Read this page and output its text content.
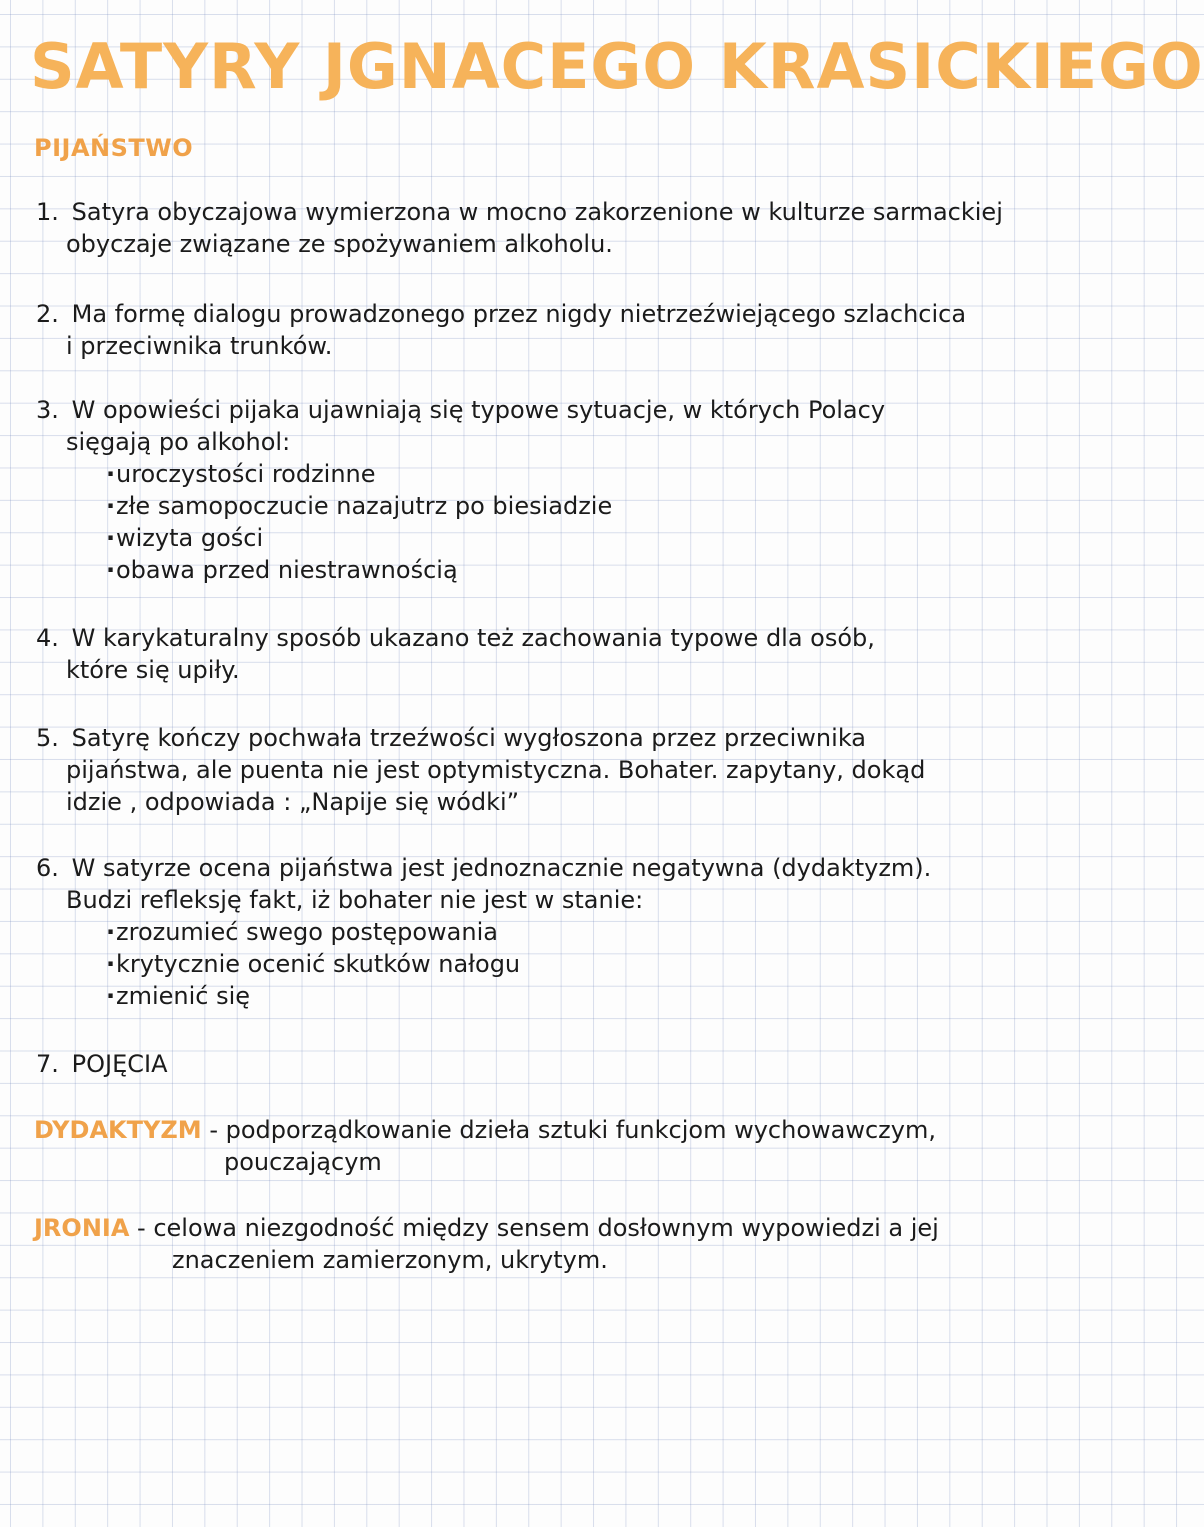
SATYRY JGNACEGO KRASICKIEGO
PIJAŃSTWO
1. Satyra obyczajowa wymierzona w mocno zakorzenione w kulturze sarmackiej
obyczaje związane ze spożywaniem alkoholu.
2. Ma formę dialogu prowadzonego przez nigdy nietrzeźwiejącego szlachcica
i przeciwnika trunków.
3. W opowieści pijaka ujawniają się typowe sytuacje, w których Polacy
sięgają po alkohol:
· uroczystości rodzinne
· złe samopoczucie nazajutrz po biesiadzie
· wizyta gości
· obawa przed niestrawnością
4. W karykaturalny sposób ukazano też zachowania typowe dla osób,
które się upiły.
5. Satyrę kończy pochwała trzeźwości wygłoszona przez przeciwnika
pijaństwa, ale puenta nie jest optymistyczna. Bohater. zapytany, dokąd
idzie , odpowiada : „Napije się wódki”
6. W satyrze ocena pijaństwa jest jednoznacznie negatywna (dydaktyzm).
Budzi refleksję fakt, iż bohater nie jest w stanie:
· zrozumieć swego postępowania
· krytycznie ocenić skutków nałogu
· zmienić się
7. POJĘCIA
DYDAKTYZM - podporządkowanie dzieła sztuki funkcjom wychowawczym,
pouczającym
JRONIA - celowa niezgodność między sensem dosłownym wypowiedzi a jej
znaczeniem zamierzonym, ukrytym.
